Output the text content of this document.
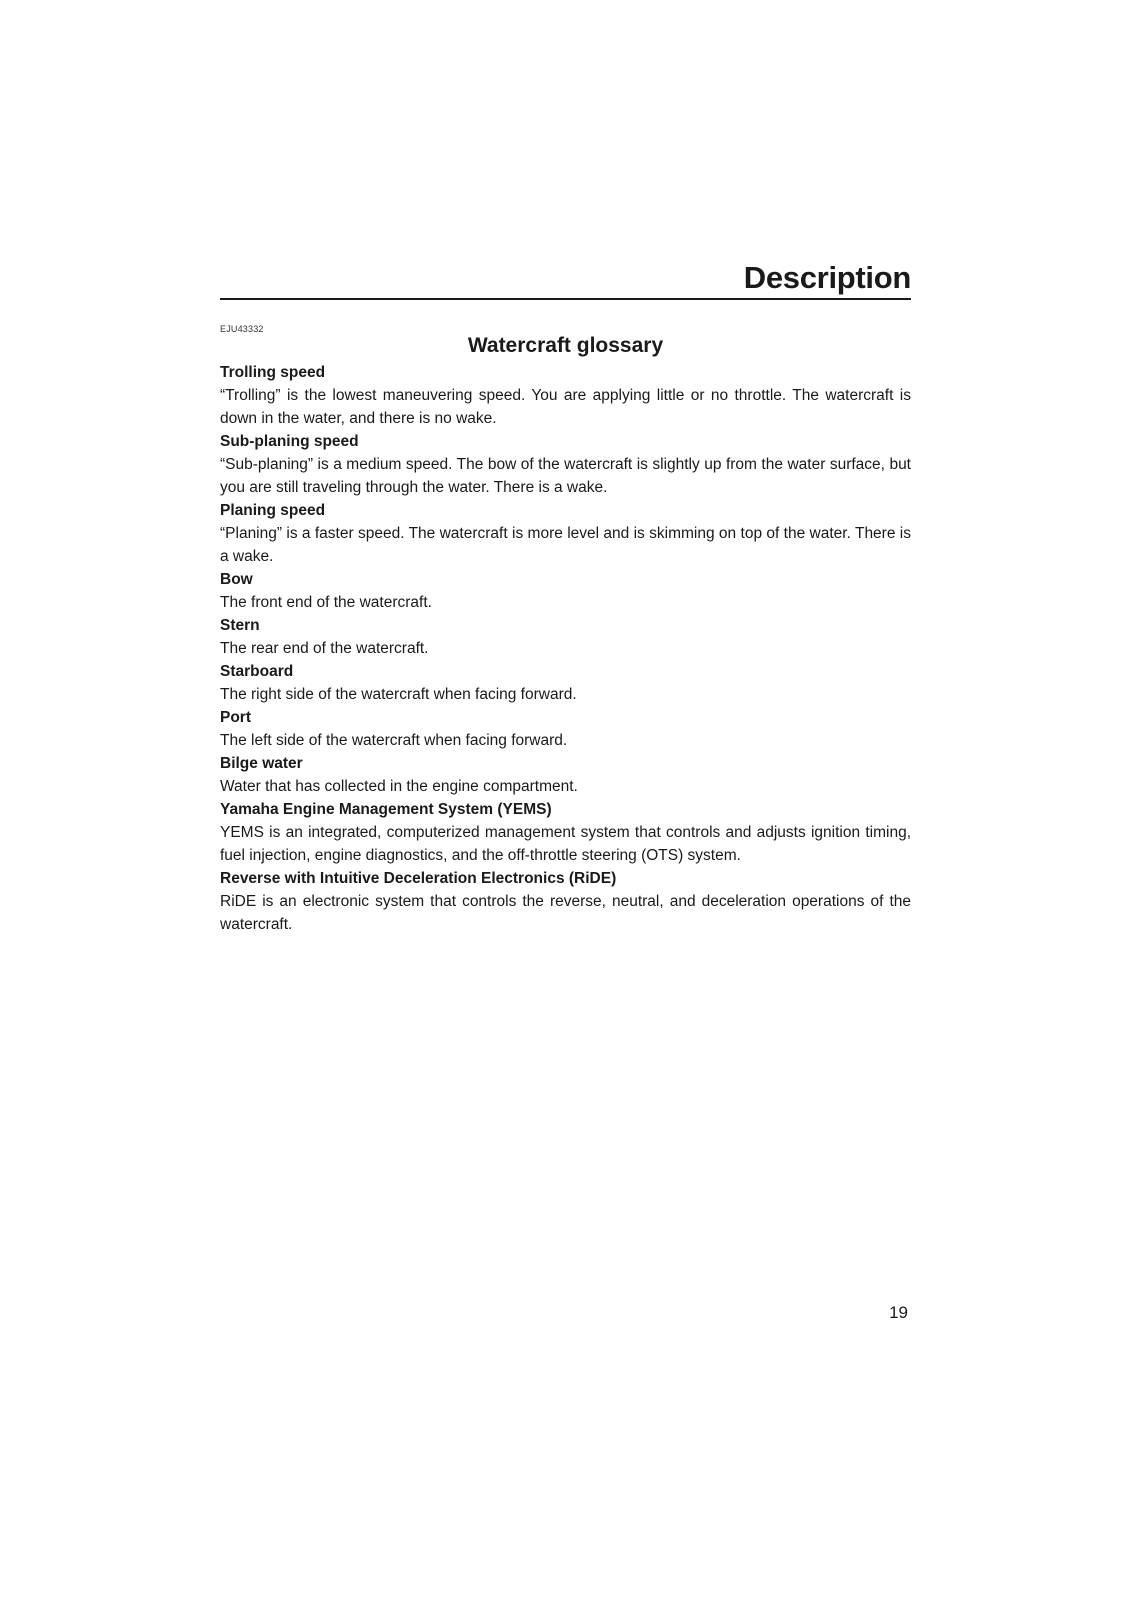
Description
EJU43332
Watercraft glossary
Trolling speed
“Trolling” is the lowest maneuvering speed. You are applying little or no throttle. The watercraft is down in the water, and there is no wake.
Sub-planing speed
“Sub-planing” is a medium speed. The bow of the watercraft is slightly up from the water surface, but you are still traveling through the water. There is a wake.
Planing speed
“Planing” is a faster speed. The watercraft is more level and is skimming on top of the water. There is a wake.
Bow
The front end of the watercraft.
Stern
The rear end of the watercraft.
Starboard
The right side of the watercraft when facing forward.
Port
The left side of the watercraft when facing forward.
Bilge water
Water that has collected in the engine compartment.
Yamaha Engine Management System (YEMS)
YEMS is an integrated, computerized management system that controls and adjusts ignition timing, fuel injection, engine diagnostics, and the off-throttle steering (OTS) system.
Reverse with Intuitive Deceleration Electronics (RiDE)
RiDE is an electronic system that controls the reverse, neutral, and deceleration operations of the watercraft.
19
